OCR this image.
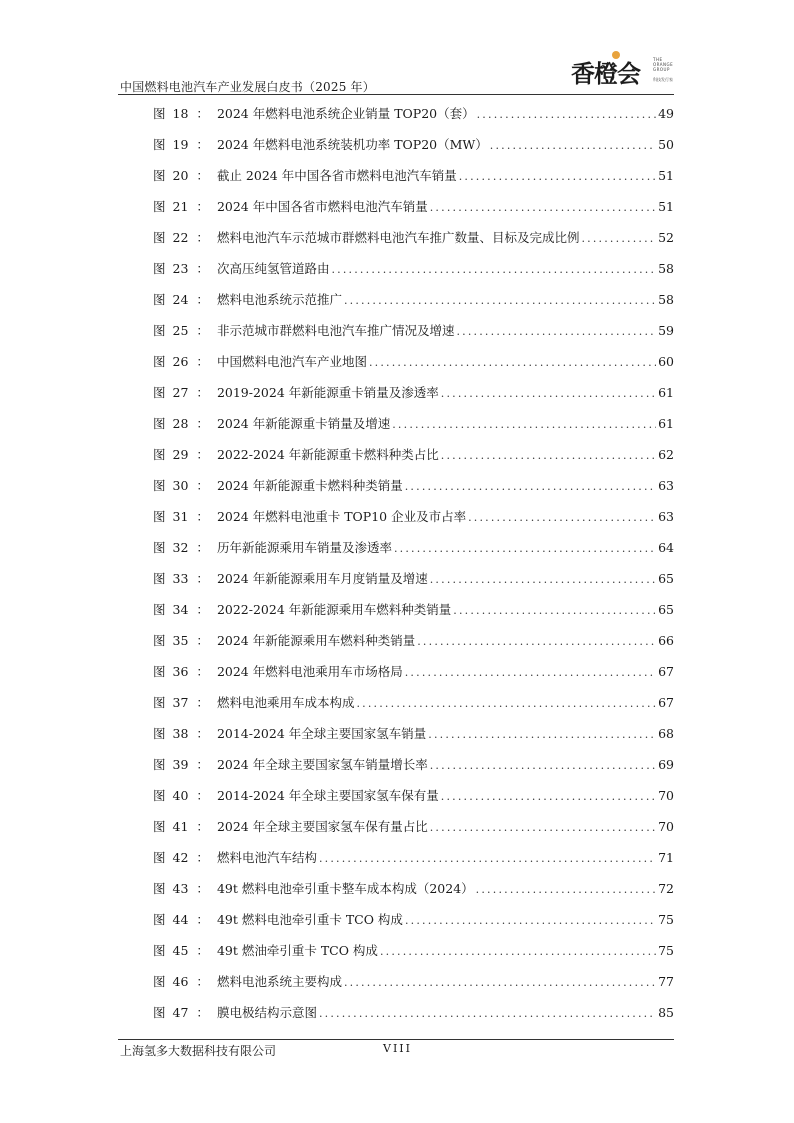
中国燃料电池汽车产业发展白皮书（2025 年）	香橙会
THE
ORANGE
GROUP
科技发行家
图 18 ： 2024 年燃料电池系统企业销量 TOP20（套） .....	49
图 19 ： 2024 年燃料电池系统装机功率 TOP20（MW） .....	50
图 20 ： 截止 2024 年中国各省市燃料电池汽车销量 .....	51
图 21 ： 2024 年中国各省市燃料电池汽车销量 .....	51
图 22 ： 燃料电池汽车示范城市群燃料电池汽车推广数量、目标及完成比例 .....	52
图 23 ： 次高压纯氢管道路由 .....	58
图 24 ： 燃料电池系统示范推广 .....	58
图 25 ： 非示范城市群燃料电池汽车推广情况及增速 .....	59
图 26 ： 中国燃料电池汽车产业地图 .....	60
图 27 ： 2019-2024 年新能源重卡销量及渗透率 .....	61
图 28 ： 2024 年新能源重卡销量及增速 .....	61
图 29 ： 2022-2024 年新能源重卡燃料种类占比 .....	62
图 30 ： 2024 年新能源重卡燃料种类销量 .....	63
图 31 ： 2024 年燃料电池重卡 TOP10 企业及市占率 .....	63
图 32 ： 历年新能源乘用车销量及渗透率 .....	64
图 33 ： 2024 年新能源乘用车月度销量及增速 .....	65
图 34 ： 2022-2024 年新能源乘用车燃料种类销量 .....	65
图 35 ： 2024 年新能源乘用车燃料种类销量 .....	66
图 36 ： 2024 年燃料电池乘用车市场格局 .....	67
图 37 ： 燃料电池乘用车成本构成 .....	67
图 38 ： 2014-2024 年全球主要国家氢车销量 .....	68
图 39 ： 2024 年全球主要国家氢车销量增长率 .....	69
图 40 ： 2014-2024 年全球主要国家氢车保有量 .....	70
图 41 ： 2024 年全球主要国家氢车保有量占比 .....	70
图 42 ： 燃料电池汽车结构 .....	71
图 43 ： 49t 燃料电池牵引重卡整车成本构成（2024） .....	72
图 44 ： 49t 燃料电池牵引重卡 TCO 构成 .....	75
图 45 ： 49t 燃油牵引重卡 TCO 构成 .....	75
图 46 ： 燃料电池系统主要构成 .....	77
图 47 ： 膜电极结构示意图 .....	85
上海氢多大数据科技有限公司	VIII
